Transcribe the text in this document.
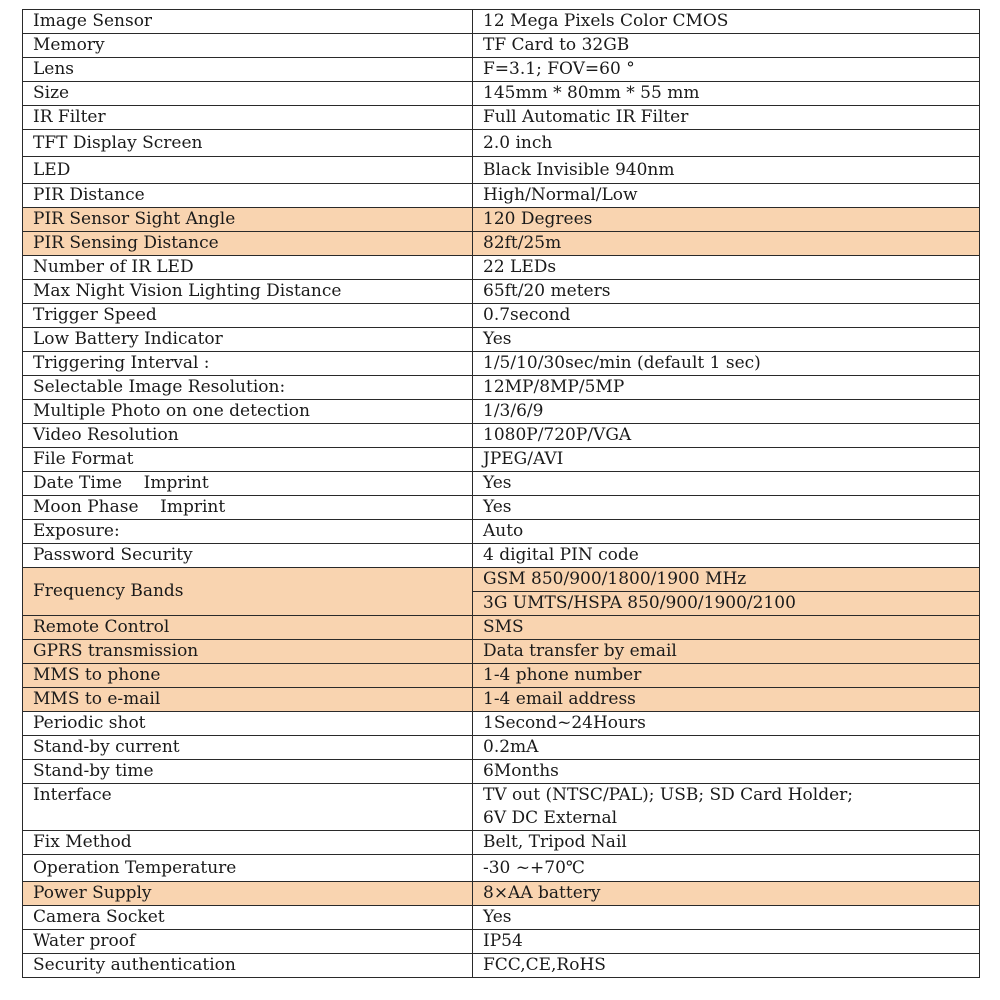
Image Sensor	12 Mega Pixels Color CMOS
Memory	TF Card to 32GB
Lens	F=3.1; FOV=60 °
Size	145mm * 80mm * 55 mm
IR Filter	Full Automatic IR Filter
TFT Display Screen	2.0 inch
LED	Black Invisible 940nm
PIR Distance	High/Normal/Low
PIR Sensor Sight Angle	120 Degrees
PIR Sensing Distance	82ft/25m
Number of IR LED	22 LEDs
Max Night Vision Lighting Distance	65ft/20 meters
Trigger Speed	0.7second
Low Battery Indicator	Yes
Triggering Interval :	1/5/10/30sec/min (default 1 sec)
Selectable Image Resolution:	12MP/8MP/5MP
Multiple Photo on one detection	1/3/6/9
Video Resolution	1080P/720P/VGA
File Format	JPEG/AVI
Date Time    Imprint	Yes
Moon Phase    Imprint	Yes
Exposure:	Auto
Password Security	4 digital PIN code
Frequency Bands	GSM 850/900/1800/1900 MHz
	3G UMTS/HSPA 850/900/1900/2100
Remote Control	SMS
GPRS transmission	Data transfer by email
MMS to phone	1-4 phone number
MMS to e-mail	1-4 email address
Periodic shot	1Second~24Hours
Stand-by current	0.2mA
Stand-by time	6Months
Interface	TV out (NTSC/PAL); USB; SD Card Holder;
6V DC External

Fix Method	Belt, Tripod Nail
Operation Temperature	-30 ~+70℃
Power Supply	8×AA battery
Camera Socket	Yes
Water proof	IP54
Security authentication	FCC,CE,RoHS
